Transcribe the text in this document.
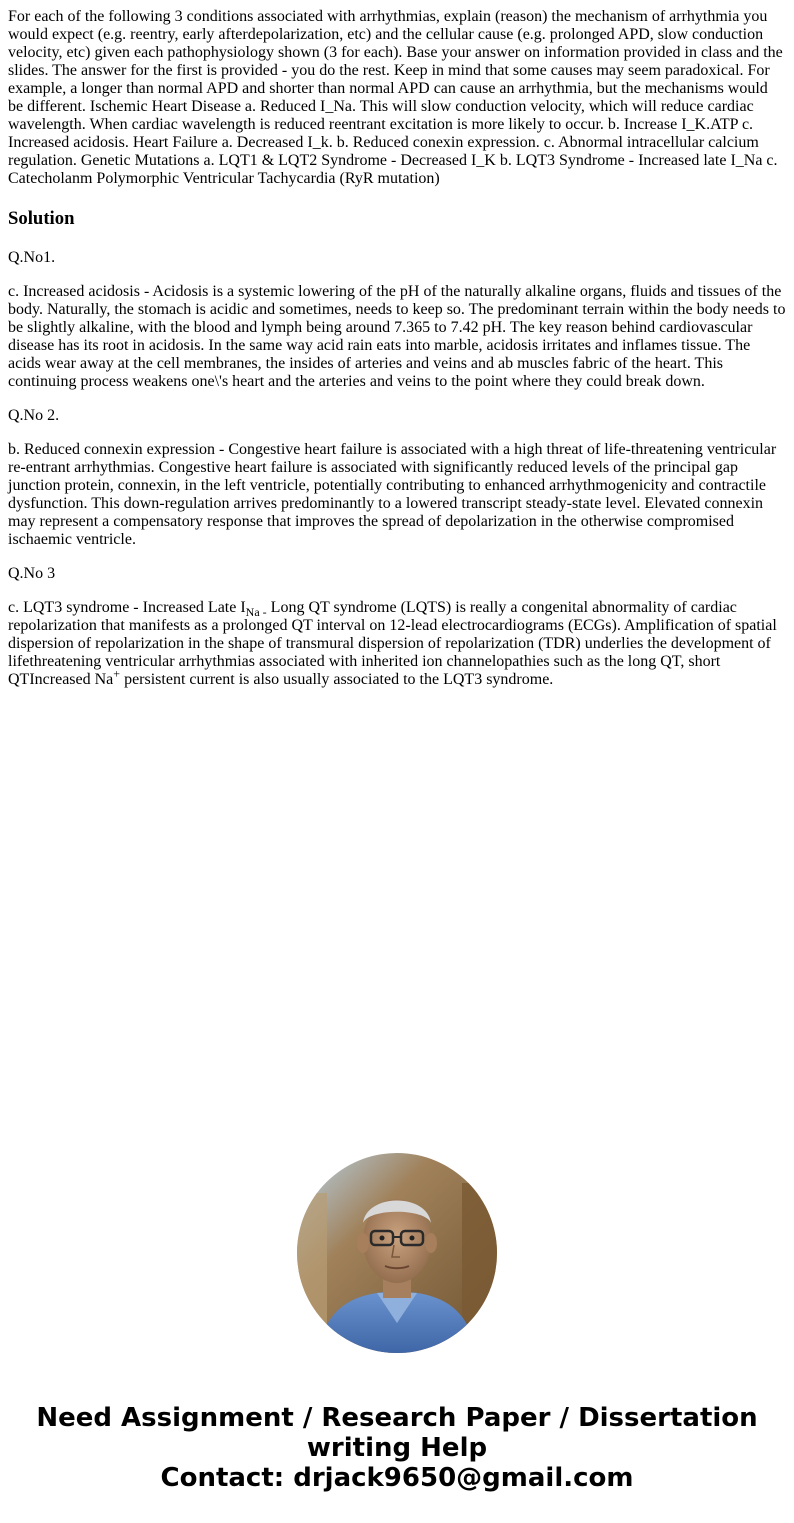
For each of the following 3 conditions associated with arrhythmias, explain (reason) the mechanism of arrhythmia you would expect (e.g. reentry, early afterdepolarization, etc) and the cellular cause (e.g. prolonged APD, slow conduction velocity, etc) given each pathophysiology shown (3 for each). Base your answer on information provided in class and the slides. The answer for the first is provided - you do the rest. Keep in mind that some causes may seem paradoxical. For example, a longer than normal APD and shorter than normal APD can cause an arrhythmia, but the mechanisms would be different. Ischemic Heart Disease a. Reduced I_Na. This will slow conduction velocity, which will reduce cardiac wavelength. When cardiac wavelength is reduced reentrant excitation is more likely to occur. b. Increase I_K.ATP c. Increased acidosis. Heart Failure a. Decreased I_k. b. Reduced conexin expression. c. Abnormal intracellular calcium regulation. Genetic Mutations a. LQT1 & LQT2 Syndrome - Decreased I_K b. LQT3 Syndrome - Increased late I_Na c. Catecholanm Polymorphic Ventricular Tachycardia (RyR mutation)

Solution

Q.No1.

c. Increased acidosis - Acidosis is a systemic lowering of the pH of the naturally alkaline organs, fluids and tissues of the body. Naturally, the stomach is acidic and sometimes, needs to keep so. The predominant terrain within the body needs to be slightly alkaline, with the blood and lymph being around 7.365 to 7.42 pH. The key reason behind cardiovascular disease has its root in acidosis. In the same way acid rain eats into marble, acidosis irritates and inflames tissue. The acids wear away at the cell membranes, the insides of arteries and veins and ab muscles fabric of the heart. This continuing process weakens one\'s heart and the arteries and veins to the point where they could break down.

Q.No 2.

b. Reduced connexin expression - Congestive heart failure is associated with a high threat of life-threatening ventricular re-entrant arrhythmias. Congestive heart failure is associated with significantly reduced levels of the principal gap junction protein, connexin, in the left ventricle, potentially contributing to enhanced arrhythmogenicity and contractile dysfunction. This down-regulation arrives predominantly to a lowered transcript steady-state level. Elevated connexin may represent a compensatory response that improves the spread of depolarization in the otherwise compromised ischaemic ventricle.

Q.No 3

c. LQT3 syndrome - Increased Late $I_{Na -}$ Long QT syndrome (LQTS) is really a congenital abnormality of cardiac repolarization that manifests as a prolonged QT interval on 12-lead electrocardiograms (ECGs). Amplification of spatial dispersion of repolarization in the shape of transmural dispersion of repolarization (TDR) underlies the development of lifethreatening ventricular arrhythmias associated with inherited ion channelopathies such as the long QT, short QTIncreased Na+ persistent current is also usually associated to the LQT3 syndrome.

Need Assignment / Research Paper / Dissertation
writing Help
Contact: drjack9650@gmail.com
